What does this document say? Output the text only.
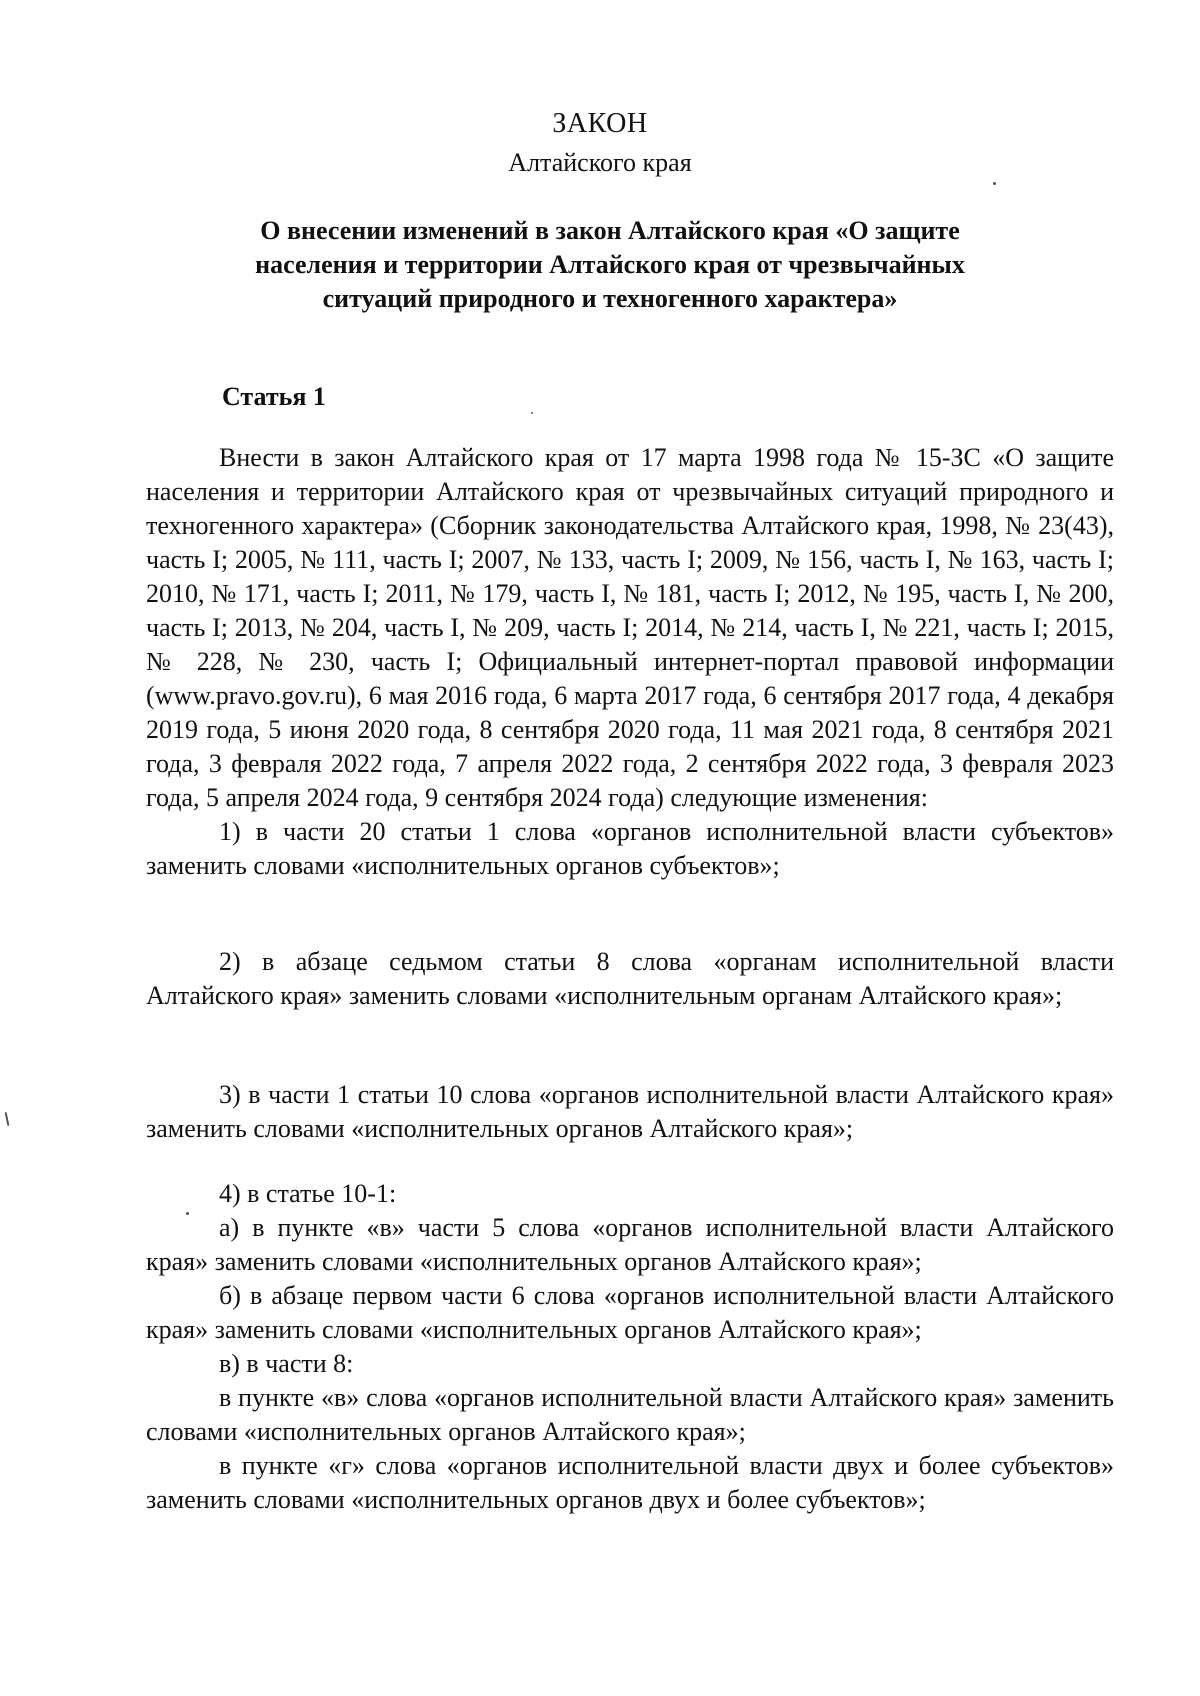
ЗАКОН
Алтайского края
О внесении изменений в закон Алтайского края «О защите
населения и территории Алтайского края от чрезвычайных
ситуаций природного и техногенного характера»
Статья 1

Внести в закон Алтайского края от 17 марта 1998 года № 15-ЗС «О защите населения и территории Алтайского края от чрезвычайных ситуаций природного и техногенного характера» (Сборник законодательства Алтайского края, 1998, № 23(43), часть I; 2005, № 111, часть I; 2007, № 133, часть I; 2009, № 156, часть I, № 163, часть I; 2010, № 171, часть I; 2011, № 179, часть I, № 181, часть I; 2012, № 195, часть I, № 200, часть I; 2013, № 204, часть I, № 209, часть I; 2014, № 214, часть I, № 221, часть I; 2015, № 228, № 230, часть I; Официальный интернет-портал правовой информации (www.pravo.gov.ru), 6 мая 2016 года, 6 марта 2017 года, 6 сентября 2017 года, 4 декабря 2019 года, 5 июня 2020 года, 8 сентября 2020 года, 11 мая 2021 года, 8 сентября 2021 года, 3 февраля 2022 года, 7 апреля 2022 года, 2 сентября 2022 года, 3 февраля 2023 года, 5 апреля 2024 года, 9 сентября 2024 года) следующие изменения:

1) в части 20 статьи 1 слова «органов исполнительной власти субъектов» заменить словами «исполнительных органов субъектов»;

2) в абзаце седьмом статьи 8 слова «органам исполнительной власти Алтайского края» заменить словами «исполнительным органам Алтайского края»;

3) в части 1 статьи 10 слова «органов исполнительной власти Алтайского края» заменить словами «исполнительных органов Алтайского края»;

4) в статье 10-1:

а) в пункте «в» части 5 слова «органов исполнительной власти Алтайского края» заменить словами «исполнительных органов Алтайского края»;

б) в абзаце первом части 6 слова «органов исполнительной власти Алтайского края» заменить словами «исполнительных органов Алтайского края»;

в) в части 8:

в пункте «в» слова «органов исполнительной власти Алтайского края» заменить словами «исполнительных органов Алтайского края»;

в пункте «г» слова «органов исполнительной власти двух и более субъектов» заменить словами «исполнительных органов двух и более субъектов»;
